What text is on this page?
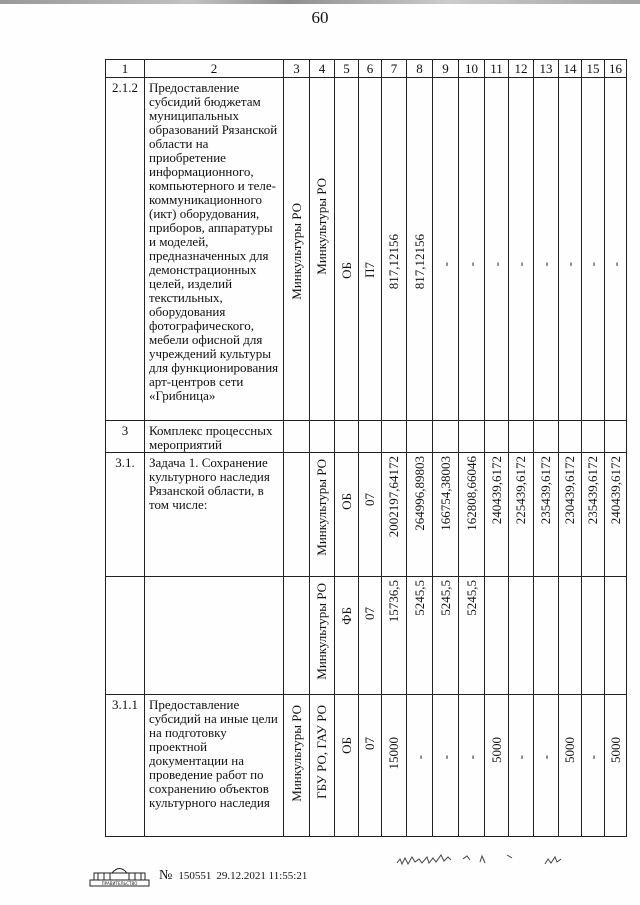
60
1	2	3	4	5	6	7	8	9	10	11	12	13	14	15	16
2.1.2	Предоставление субсидий бюджетам муниципальных образований Рязанской области на приобретение информационного, компьютерного и теле-коммуникационного (икт) оборудования, приборов, аппаратуры и моделей, предназначенных для демонстрационных целей, изделий текстильных, оборудования фотографического, мебели офисной для учреждений культуры для функционирования арт-центров сети «Грибница»	Минкультуры РО	Минкультуры РО	ОБ	П7	817,12156	817,12156	-	-	-	-	-	-	-	-

3	Комплекс процессных мероприятий														
3.1.	Задача 1. Сохранение культурного наследия Рязанской области, в том числе:		Минкультуры РО	ОБ	07	2002197,64172	264996,89803	166754,38003	162808,66046	240439,6172	225439,6172	235439,6172	230439,6172	235439,6172	240439,6172

			Минкультуры РО	ФБ	07	15736,5	5245,5	5245,5	5245,5						

3.1.1	Предоставление субсидий на иные цели на подготовку проектной документации на проведение работ по сохранению объектов культурного наследия	Минкультуры РО	ГБУ РО, ГАУ РО	ОБ	07	15000	-	-	-	5000	-	-	5000	-	5000
ПРАВИТЕЛЬСТВО
№ 150551 29.12.2021 11:55:21
